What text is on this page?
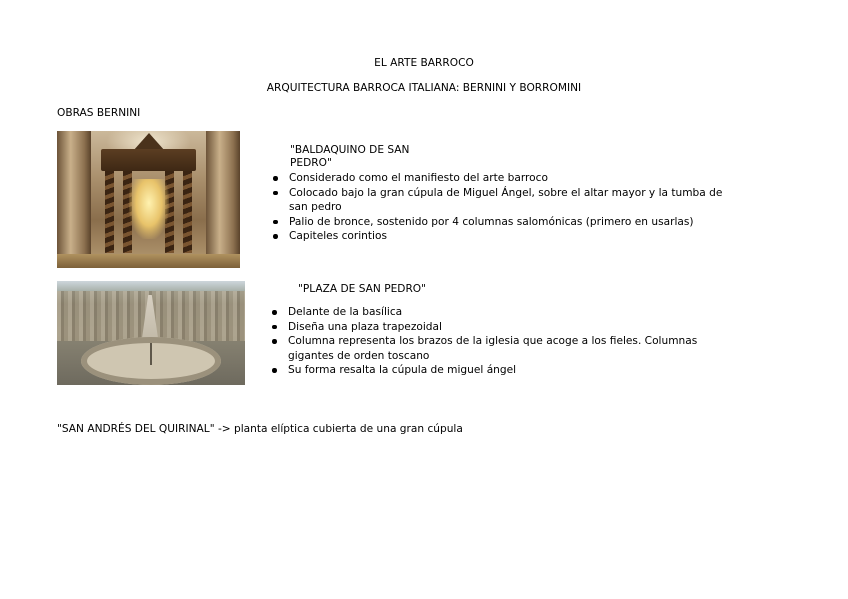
EL ARTE BARROCO
ARQUITECTURA BARROCA ITALIANA: BERNINI Y BORROMINI
OBRAS BERNINI
"BALDAQUINO DE SAN PEDRO"
Considerado como el manifiesto del arte barroco
Colocado bajo la gran cúpula de Miguel Ángel, sobre el altar mayor y la tumba de san pedro
Palio de bronce, sostenido por 4 columnas salomónicas (primero en usarlas)
Capiteles corintios
"PLAZA DE SAN PEDRO"
Delante de la basílica
Diseña una plaza trapezoidal
Columna representa los brazos de la iglesia que acoge a los fieles. Columnas gigantes de orden toscano
Su forma resalta la cúpula de miguel ángel
"SAN ANDRÉS DEL QUIRINAL" -> planta elíptica cubierta de una gran cúpula
